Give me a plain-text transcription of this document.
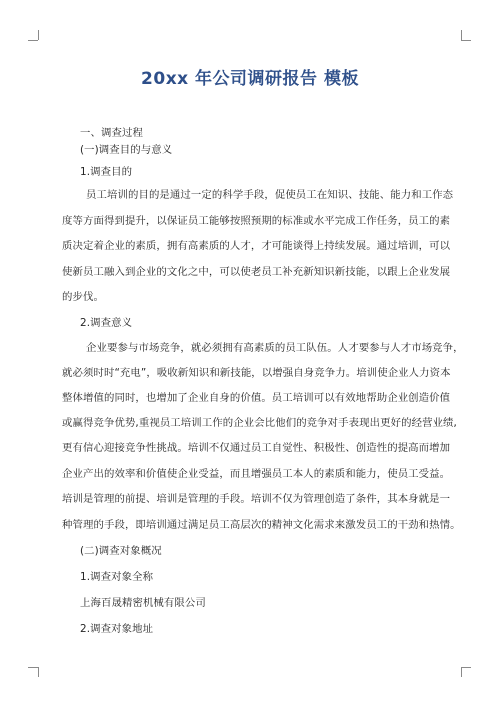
20xx 年公司调研报告 模板
一、调查过程
(一)调查目的与意义
1.调查目的
员工培训的目的是通过一定的科学手段，促使员工在知识、技能、能力和工作态
度等方面得到提升，以保证员工能够按照预期的标准或水平完成工作任务，员工的素
质决定着企业的素质，拥有高素质的人才，才可能谈得上持续发展。通过培训，可以
使新员工融入到企业的文化之中，可以使老员工补充新知识新技能，以跟上企业发展
的步伐。
2.调查意义
企业要参与市场竞争，就必须拥有高素质的员工队伍。人才要参与人才市场竞争，
就必须时时“充电”，吸收新知识和新技能，以增强自身竞争力。培训使企业人力资本
整体增值的同时，也增加了企业自身的价值。员工培训可以有效地帮助企业创造价值
或赢得竞争优势,重视员工培训工作的企业会比他们的竞争对手表现出更好的经营业绩,
更有信心迎接竞争性挑战。培训不仅通过员工自觉性、积极性、创造性的提高而增加
企业产出的效率和价值使企业受益，而且增强员工本人的素质和能力，使员工受益。
培训是管理的前提、培训是管理的手段。培训不仅为管理创造了条件，其本身就是一
种管理的手段，即培训通过满足员工高层次的精神文化需求来激发员工的干劲和热情。
(二)调查对象概况
1.调查对象全称
上海百晟精密机械有限公司
2.调查对象地址
